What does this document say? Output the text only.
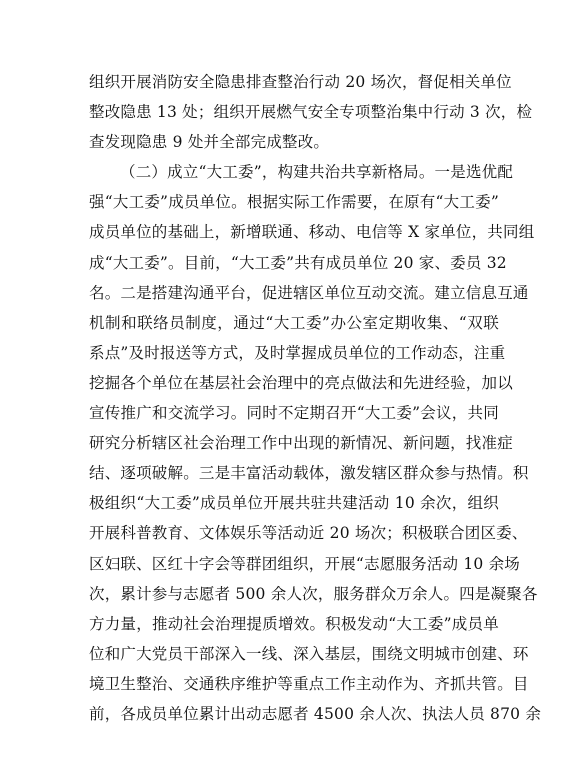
组织开展消防安全隐患排查整治行动 20 场次，督促相关单位
整改隐患 13 处；组织开展燃气安全专项整治集中行动 3 次，检
查发现隐患 9 处并全部完成整改。
（二）成立“大工委”，构建共治共享新格局。一是选优配
强“大工委”成员单位。根据实际工作需要，在原有“大工委”
成员单位的基础上，新增联通、移动、电信等 X 家单位，共同组
成“大工委”。目前，“大工委”共有成员单位 20 家、委员 32
名。二是搭建沟通平台，促进辖区单位互动交流。建立信息互通
机制和联络员制度，通过“大工委”办公室定期收集、“双联
系点”及时报送等方式，及时掌握成员单位的工作动态，注重
挖掘各个单位在基层社会治理中的亮点做法和先进经验，加以
宣传推广和交流学习。同时不定期召开“大工委”会议，共同
研究分析辖区社会治理工作中出现的新情况、新问题，找准症
结、逐项破解。三是丰富活动载体，激发辖区群众参与热情。积
极组织“大工委”成员单位开展共驻共建活动 10 余次，组织
开展科普教育、文体娱乐等活动近 20 场次；积极联合团区委、
区妇联、区红十字会等群团组织，开展“志愿服务活动 10 余场
次，累计参与志愿者 500 余人次，服务群众万余人。四是凝聚各
方力量，推动社会治理提质增效。积极发动“大工委”成员单
位和广大党员干部深入一线、深入基层，围绕文明城市创建、环
境卫生整治、交通秩序维护等重点工作主动作为、齐抓共管。目
前，各成员单位累计出动志愿者 4500 余人次、执法人员 870 余
